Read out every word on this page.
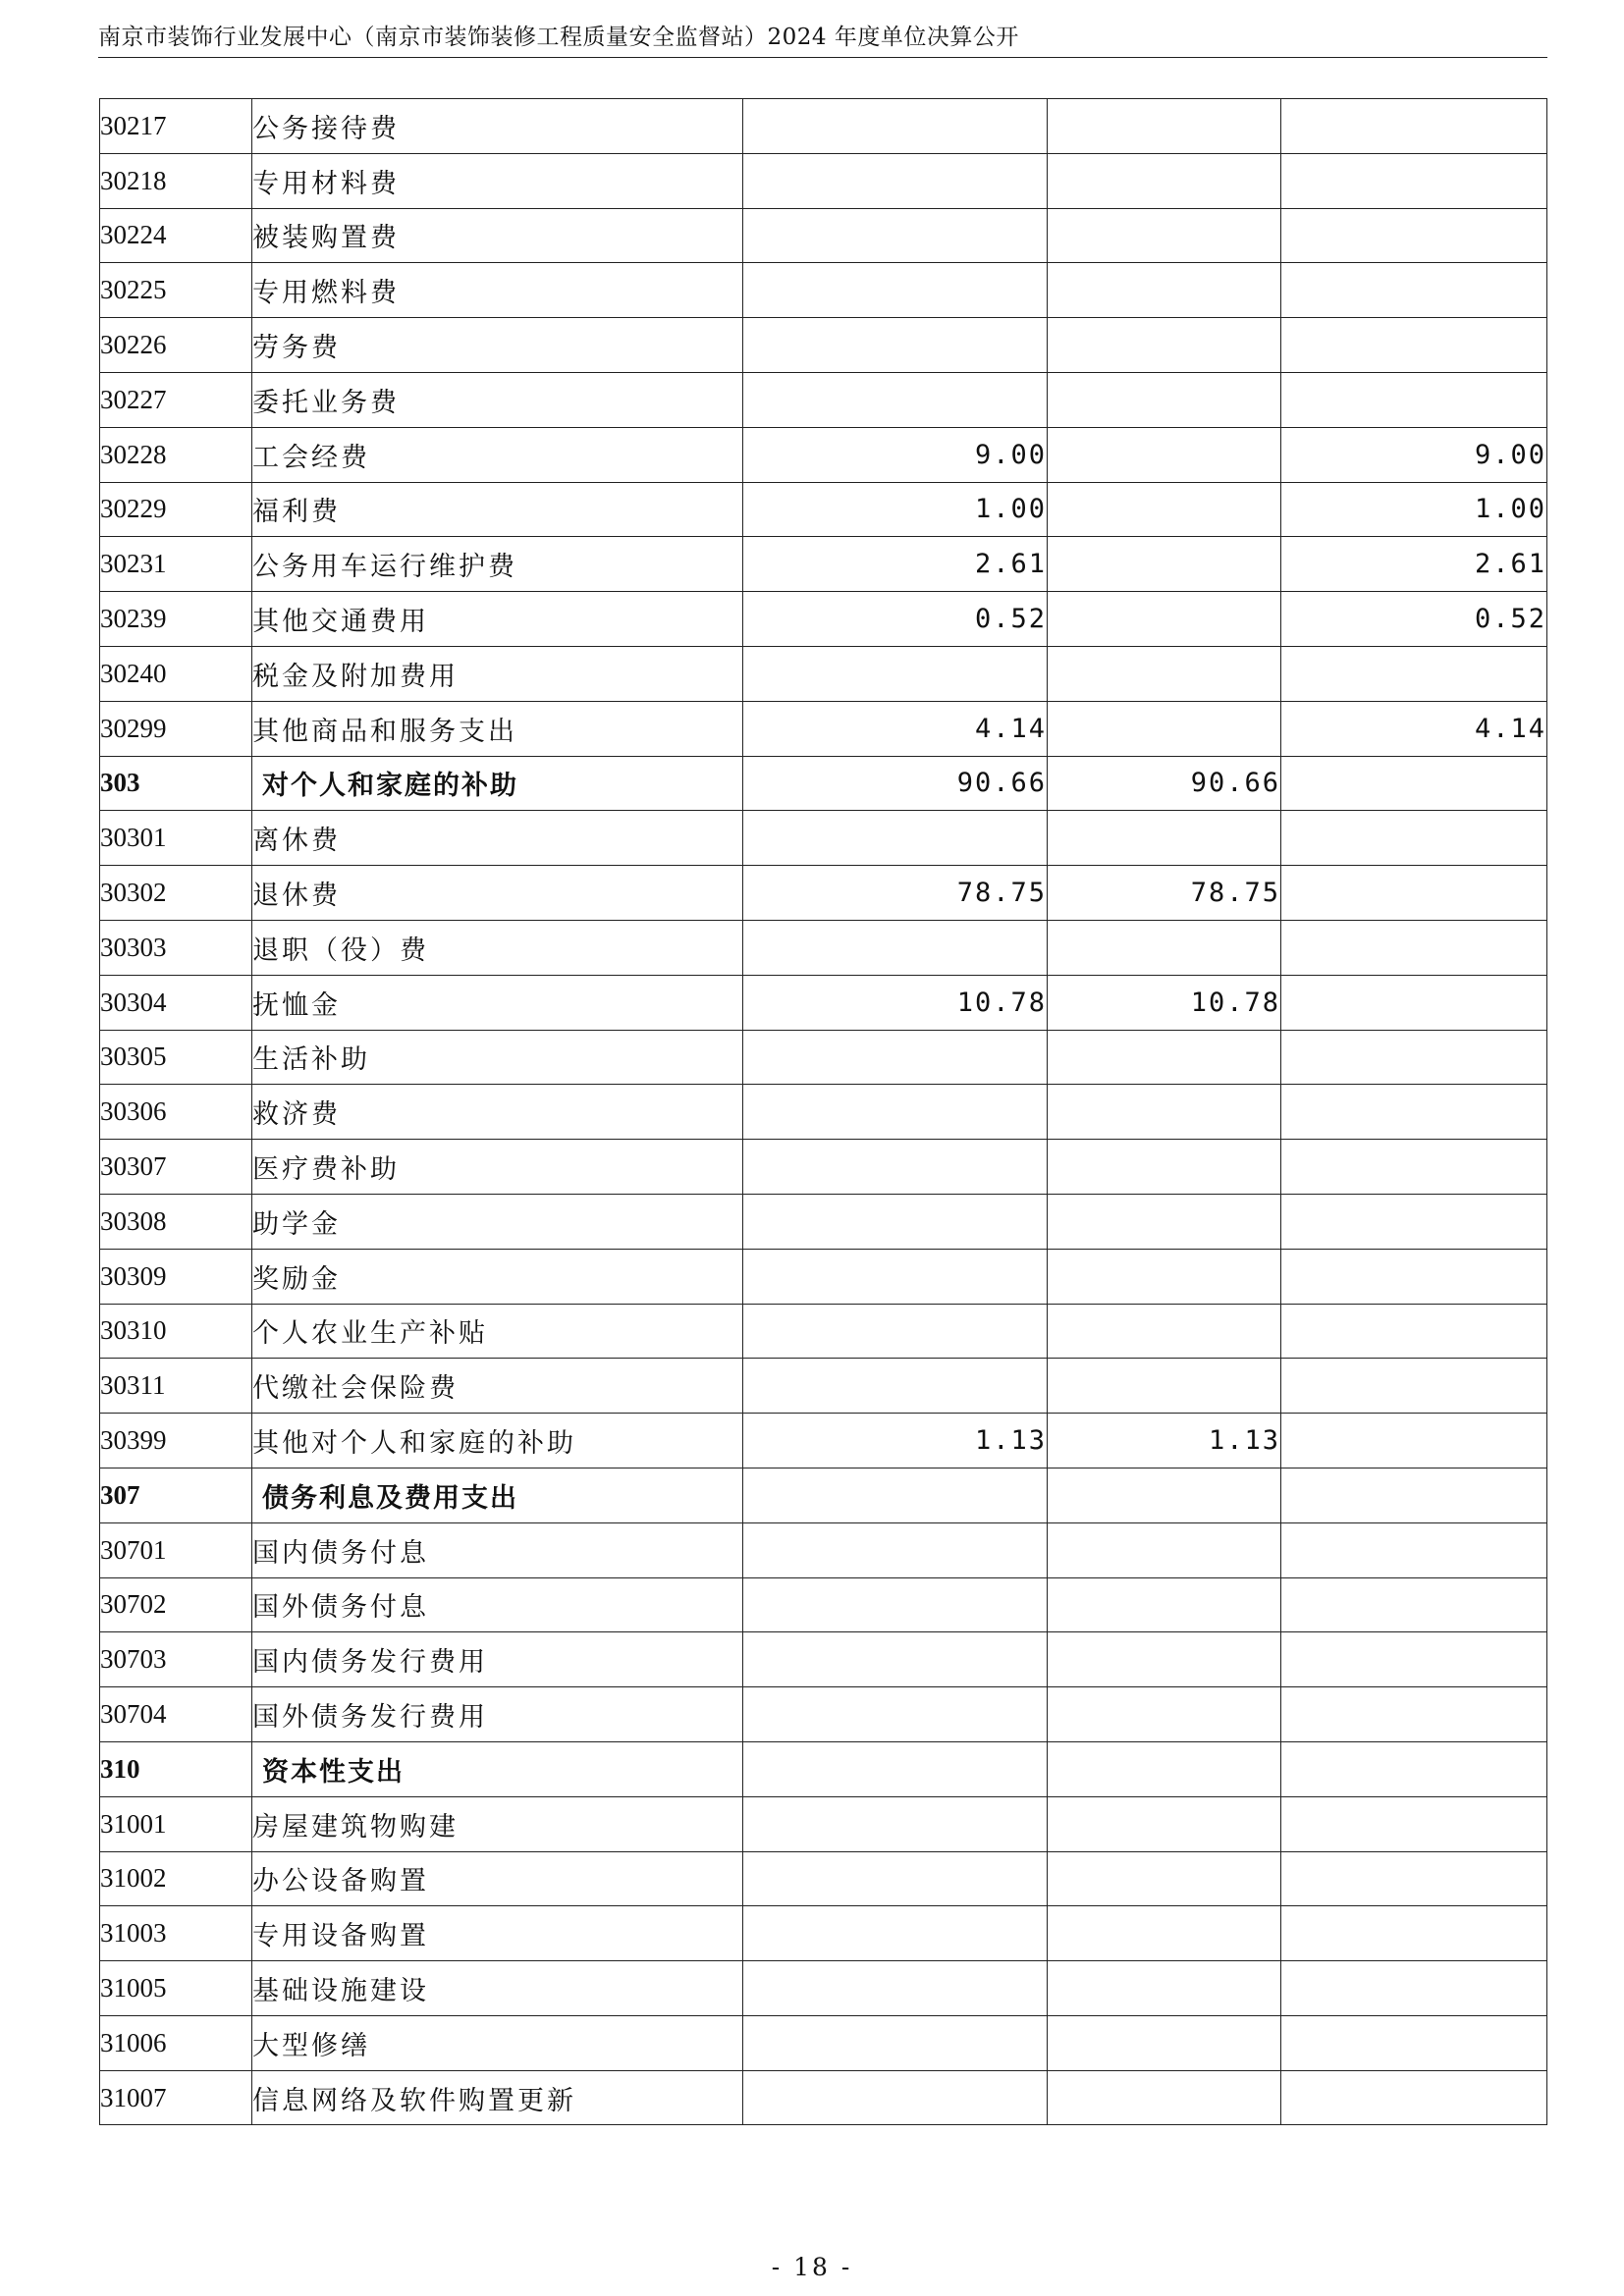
南京市装饰行业发展中心（南京市装饰装修工程质量安全监督站）2024 年度单位决算公开
30217	公务接待费			
30218	专用材料费			
30224	被装购置费			
30225	专用燃料费			
30226	劳务费			
30227	委托业务费			
30228	工会经费	9.00		9.00
30229	福利费	1.00		1.00
30231	公务用车运行维护费	2.61		2.61
30239	其他交通费用	0.52		0.52
30240	税金及附加费用			
30299	其他商品和服务支出	4.14		4.14
303	对个人和家庭的补助	90.66	90.66	
30301	离休费			
30302	退休费	78.75	78.75	
30303	退职（役）费			
30304	抚恤金	10.78	10.78	
30305	生活补助			
30306	救济费			
30307	医疗费补助			
30308	助学金			
30309	奖励金			
30310	个人农业生产补贴			
30311	代缴社会保险费			
30399	其他对个人和家庭的补助	1.13	1.13	
307	债务利息及费用支出			
30701	国内债务付息			
30702	国外债务付息			
30703	国内债务发行费用			
30704	国外债务发行费用			
310	资本性支出			
31001	房屋建筑物购建			
31002	办公设备购置			
31003	专用设备购置			
31005	基础设施建设			
31006	大型修缮			
31007	信息网络及软件购置更新			
- 18 -
